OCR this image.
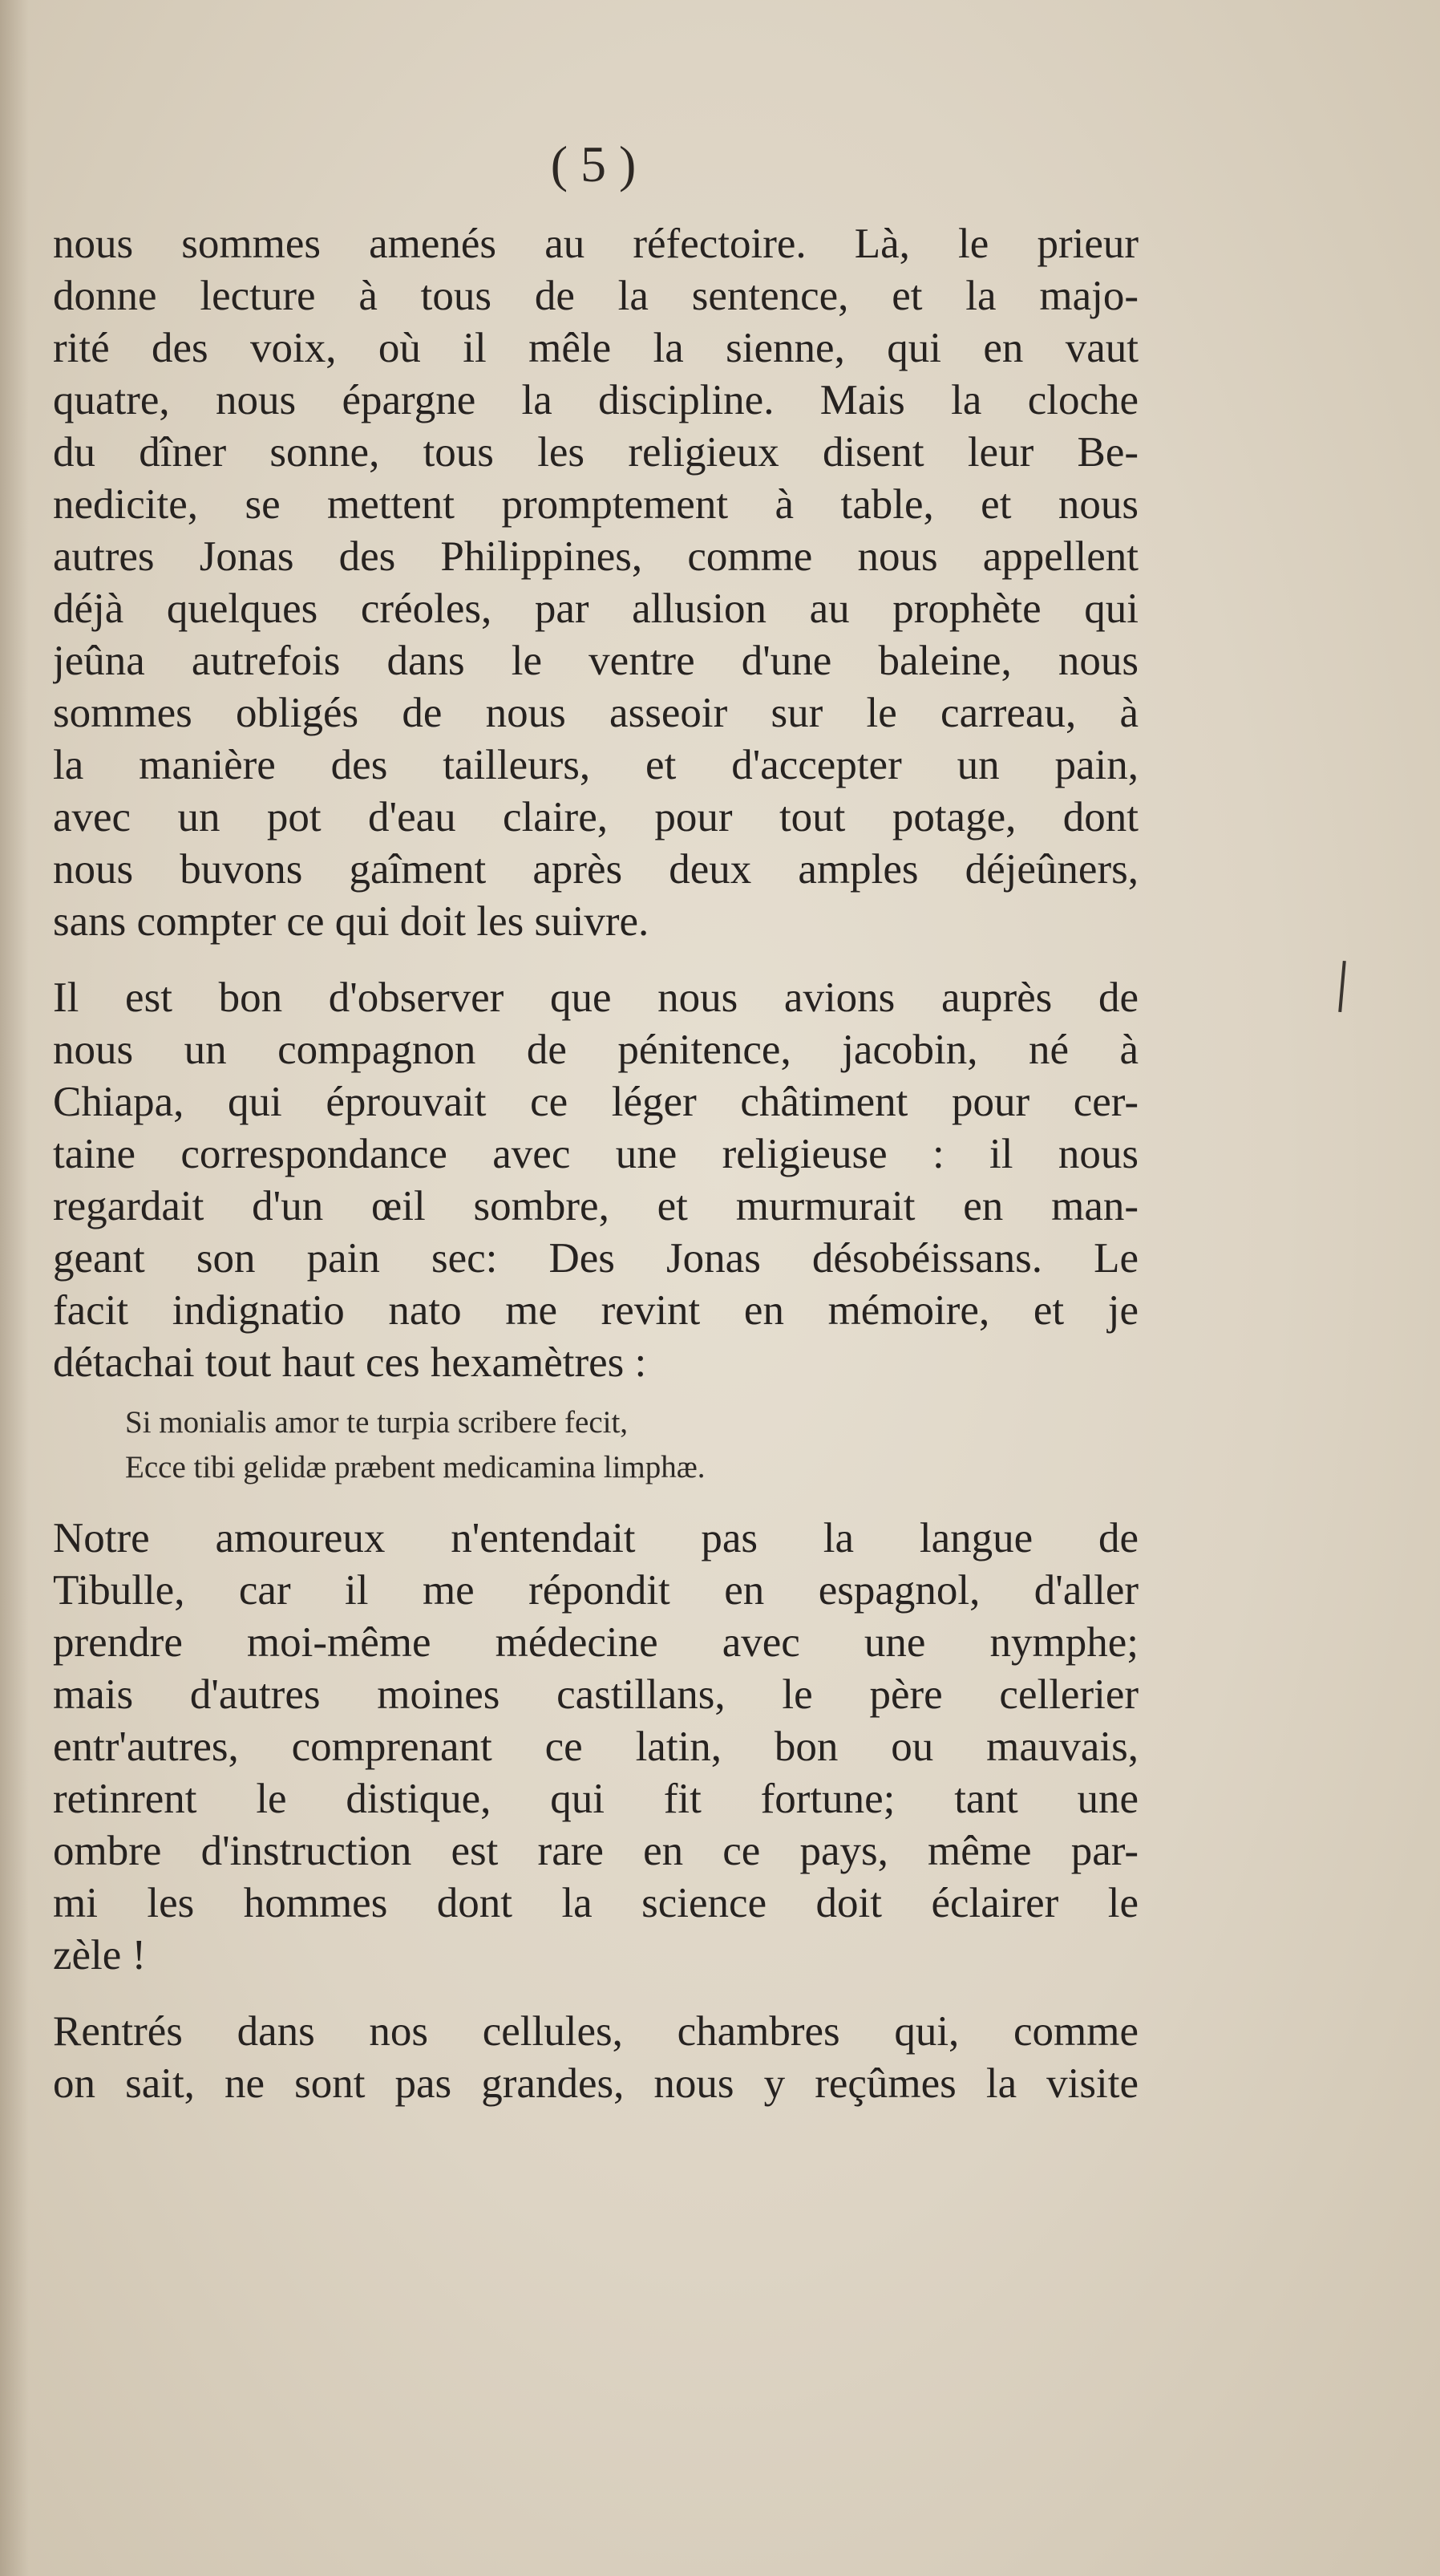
( 5 )
nous sommes amenés au réfectoire. Là, le prieur
donne lecture à tous de la sentence, et la majo-
rité des voix, où il mêle la sienne, qui en vaut
quatre, nous épargne la discipline. Mais la cloche
du dîner sonne, tous les religieux disent leur Be-
nedicite, se mettent promptement à table, et nous
autres Jonas des Philippines, comme nous appellent
déjà quelques créoles, par allusion au prophète qui
jeûna autrefois dans le ventre d'une baleine, nous
sommes obligés de nous asseoir sur le carreau, à
la manière des tailleurs, et d'accepter un pain,
avec un pot d'eau claire, pour tout potage, dont
nous buvons gaîment après deux amples déjeûners,
sans compter ce qui doit les suivre.
Il est bon d'observer que nous avions auprès de
nous un compagnon de pénitence, jacobin, né à
Chiapa, qui éprouvait ce léger châtiment pour cer-
taine correspondance avec une religieuse : il nous
regardait d'un œil sombre, et murmurait en man-
geant son pain sec: Des Jonas désobéissans. Le
facit indignatio nato me revint en mémoire, et je
détachai tout haut ces hexamètres :
Si monialis amor te turpia scribere fecit,
Ecce tibi gelidæ præbent medicamina limphæ.
Notre amoureux n'entendait pas la langue de
Tibulle, car il me répondit en espagnol, d'aller
prendre moi-même médecine avec une nymphe;
mais d'autres moines castillans, le père cellerier
entr'autres, comprenant ce latin, bon ou mauvais,
retinrent le distique, qui fit fortune; tant une
ombre d'instruction est rare en ce pays, même par-
mi les hommes dont la science doit éclairer le
zèle !
Rentrés dans nos cellules, chambres qui, comme
on sait, ne sont pas grandes, nous y reçûmes la visite
